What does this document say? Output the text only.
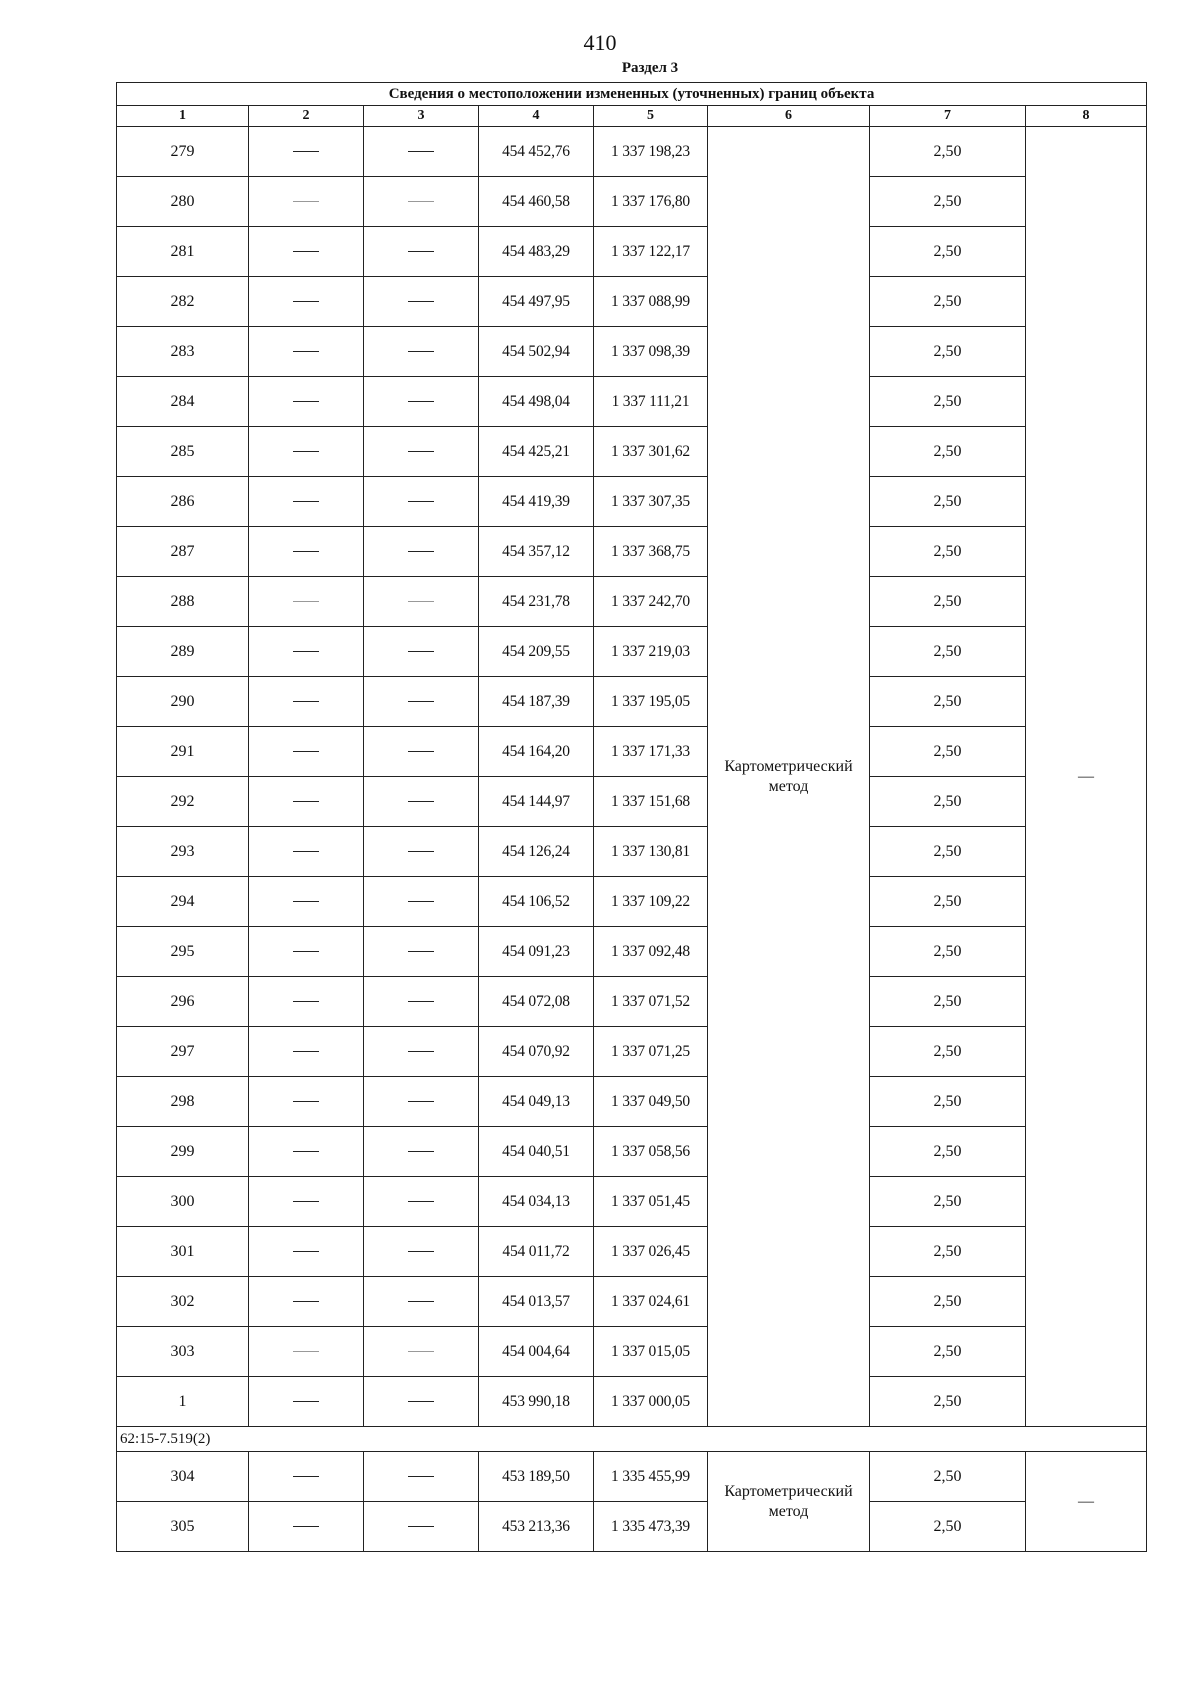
410
Раздел 3
Сведения о местоположении измененных (уточненных) границ объекта							
1	2	3	4	5	6	7	8
279			454 452,76	1 337 198,23	Картометрический метод	2,50	—
280			454 460,58	1 337 176,80		2,50	
281			454 483,29	1 337 122,17		2,50	
282			454 497,95	1 337 088,99		2,50	
283			454 502,94	1 337 098,39		2,50	
284			454 498,04	1 337 111,21		2,50	
285			454 425,21	1 337 301,62		2,50	
286			454 419,39	1 337 307,35		2,50	
287			454 357,12	1 337 368,75		2,50	
288			454 231,78	1 337 242,70		2,50	
289			454 209,55	1 337 219,03		2,50	
290			454 187,39	1 337 195,05		2,50	
291			454 164,20	1 337 171,33		2,50	
292			454 144,97	1 337 151,68		2,50	
293			454 126,24	1 337 130,81		2,50	
294			454 106,52	1 337 109,22		2,50	
295			454 091,23	1 337 092,48		2,50	
296			454 072,08	1 337 071,52		2,50	
297			454 070,92	1 337 071,25		2,50	
298			454 049,13	1 337 049,50		2,50	
299			454 040,51	1 337 058,56		2,50	
300			454 034,13	1 337 051,45		2,50	
301			454 011,72	1 337 026,45		2,50	
302			454 013,57	1 337 024,61		2,50	
303			454 004,64	1 337 015,05		2,50	
1			453 990,18	1 337 000,05		2,50	
62:15-7.519(2)							
304			453 189,50	1 335 455,99	Картометрический метод	2,50	—
305			453 213,36	1 335 473,39		2,50	
